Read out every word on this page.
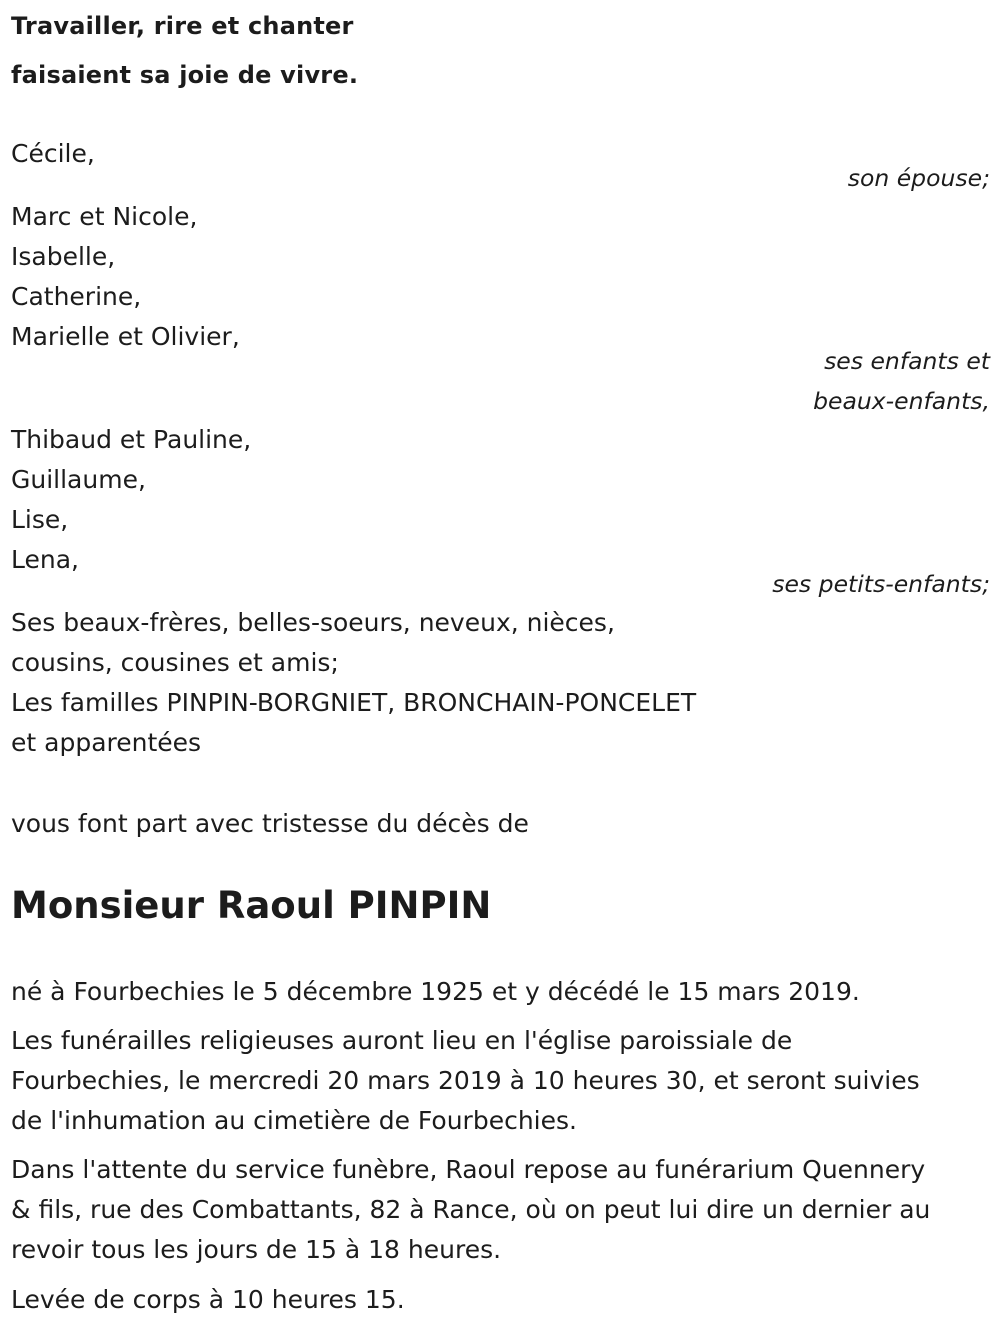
Travailler, rire et chanter
faisaient sa joie de vivre.
Cécile,
son épouse;
Marc et Nicole,
Isabelle,
Catherine,
Marielle et Olivier,
ses enfants et
beaux-enfants,
Thibaud et Pauline,
Guillaume,
Lise,
Lena,
ses petits-enfants;
Ses beaux-frères, belles-soeurs, neveux, nièces,
cousins, cousines et amis;
Les familles PINPIN-BORGNIET, BRONCHAIN-PONCELET
et apparentées
vous font part avec tristesse du décès de
Monsieur Raoul PINPIN
né à Fourbechies le 5 décembre 1925 et y décédé le 15 mars 2019.
Les funérailles religieuses auront lieu en l'église paroissiale de
Fourbechies, le mercredi 20 mars 2019 à 10 heures 30, et seront suivies
de l'inhumation au cimetière de Fourbechies.
Dans l'attente du service funèbre, Raoul repose au funérarium Quennery
& fils, rue des Combattants, 82 à Rance, où on peut lui dire un dernier au
revoir tous les jours de 15 à 18 heures.
Levée de corps à 10 heures 15.
